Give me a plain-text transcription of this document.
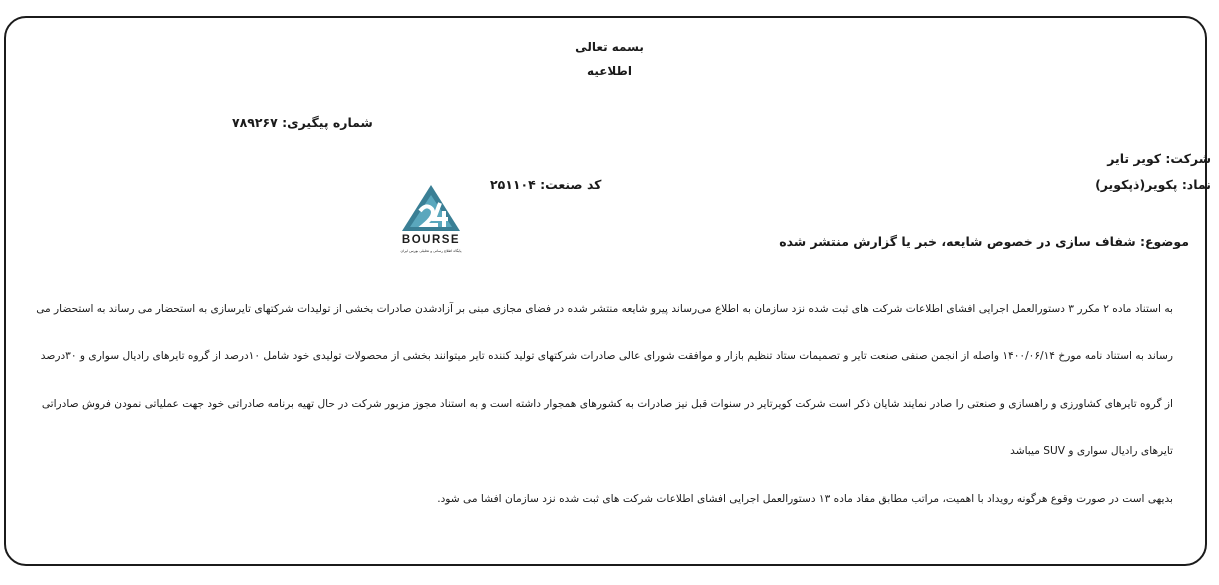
بسمه تعالی
اطلاعیه
شماره پیگیری: ۷۸۹۲۶۷
شرکت: کویر تایر
نماد: پکویر(ذپکویر)
کد صنعت: ۲۵۱۱۰۴
BOURSE
پایگاه اطلاع رسانی و تحلیلی بورس ایران
موضوع: شفاف سازی در خصوص شایعه، خبر یا گزارش منتشر شده
به استناد ماده ۲ مکرر ۳ دستورالعمل اجرایی افشای اطلاعات شرکت های ثبت شده نزد سازمان به اطلاع می‌رساند پیرو شایعه منتشر شده در فضای مجازی مبنی بر آزادشدن صادرات بخشی از تولیدات شرکتهای تایرسازی به استحضار می رساند به استحضار می
رساند به استناد نامه مورخ ۱۴۰۰/۰۶/۱۴ واصله از انجمن صنفی صنعت تایر و تصمیمات ستاد تنظیم بازار و موافقت شورای عالی صادرات شرکتهای تولید کننده تایر میتوانند بخشی از محصولات تولیدی خود شامل ۱۰درصد از گروه تایرهای رادیال سواری و ۳۰درصد
از گروه تایرهای کشاورزی و راهسازی و صنعتی را صادر نمایند شایان ذکر است شرکت کویرتایر در سنوات قبل نیز صادرات به کشورهای همجوار داشته است و به استناد مجوز مزبور شرکت در حال تهیه برنامه صادراتی خود جهت عملیاتی نمودن فروش صادراتی
تایرهای رادیال سواری و SUV میباشد
بدیهی است در صورت وقوع هرگونه رویداد با اهمیت، مراتب مطابق مفاد ماده ۱۳ دستورالعمل اجرایی افشای اطلاعات شرکت های ثبت شده نزد سازمان افشا می شود.
